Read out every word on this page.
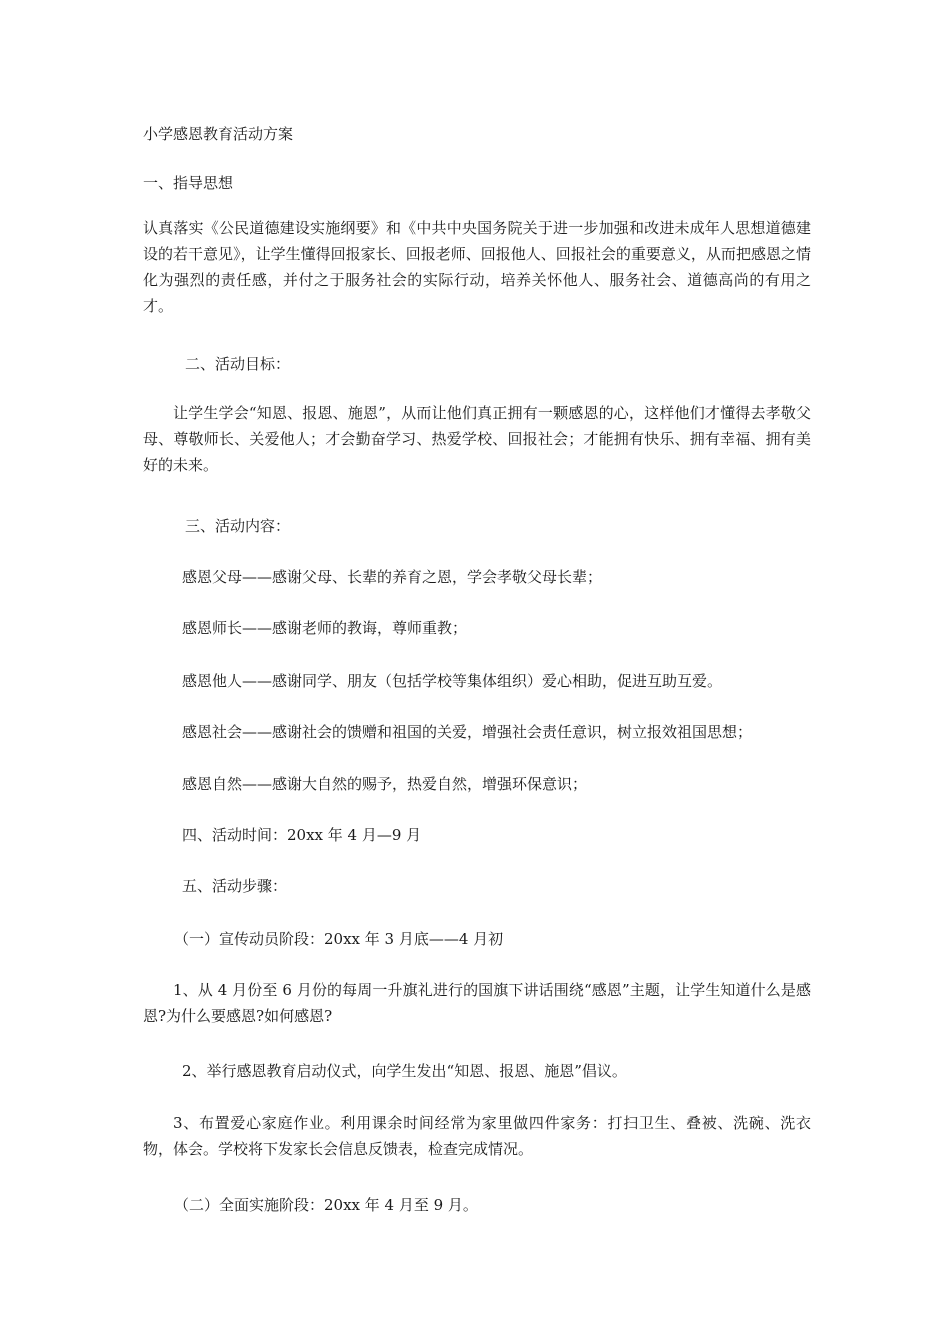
小学感恩教育活动方案

一、指导思想

认真落实《公民道德建设实施纲要》和《中共中央国务院关于进一步加强和改进未成年人思想道德建设的若干意见》，让学生懂得回报家长、回报老师、回报他人、回报社会的重要意义，从而把感恩之情化为强烈的责任感，并付之于服务社会的实际行动，培养关怀他人、服务社会、道德高尚的有用之才。

二、活动目标：

让学生学会“知恩、报恩、施恩”，从而让他们真正拥有一颗感恩的心，这样他们才懂得去孝敬父母、尊敬师长、关爱他人；才会勤奋学习、热爱学校、回报社会；才能拥有快乐、拥有幸福、拥有美好的未来。

三、活动内容：

感恩父母——感谢父母、长辈的养育之恩，学会孝敬父母长辈；

感恩师长——感谢老师的教诲，尊师重教；

感恩他人——感谢同学、朋友（包括学校等集体组织）爱心相助，促进互助互爱。

感恩社会——感谢社会的馈赠和祖国的关爱，增强社会责任意识，树立报效祖国思想；

感恩自然——感谢大自然的赐予，热爱自然，增强环保意识；

四、活动时间：20xx 年 4 月—9 月

五、活动步骤：

（一）宣传动员阶段：20xx 年 3 月底——4 月初

1、从 4 月份至 6 月份的每周一升旗礼进行的国旗下讲话围绕“感恩”主题，让学生知道什么是感恩?为什么要感恩?如何感恩?

2、举行感恩教育启动仪式，向学生发出“知恩、报恩、施恩”倡议。

3、布置爱心家庭作业。利用课余时间经常为家里做四件家务：打扫卫生、叠被、洗碗、洗衣物，体会。学校将下发家长会信息反馈表，检查完成情况。

（二）全面实施阶段：20xx 年 4 月至 9 月。
